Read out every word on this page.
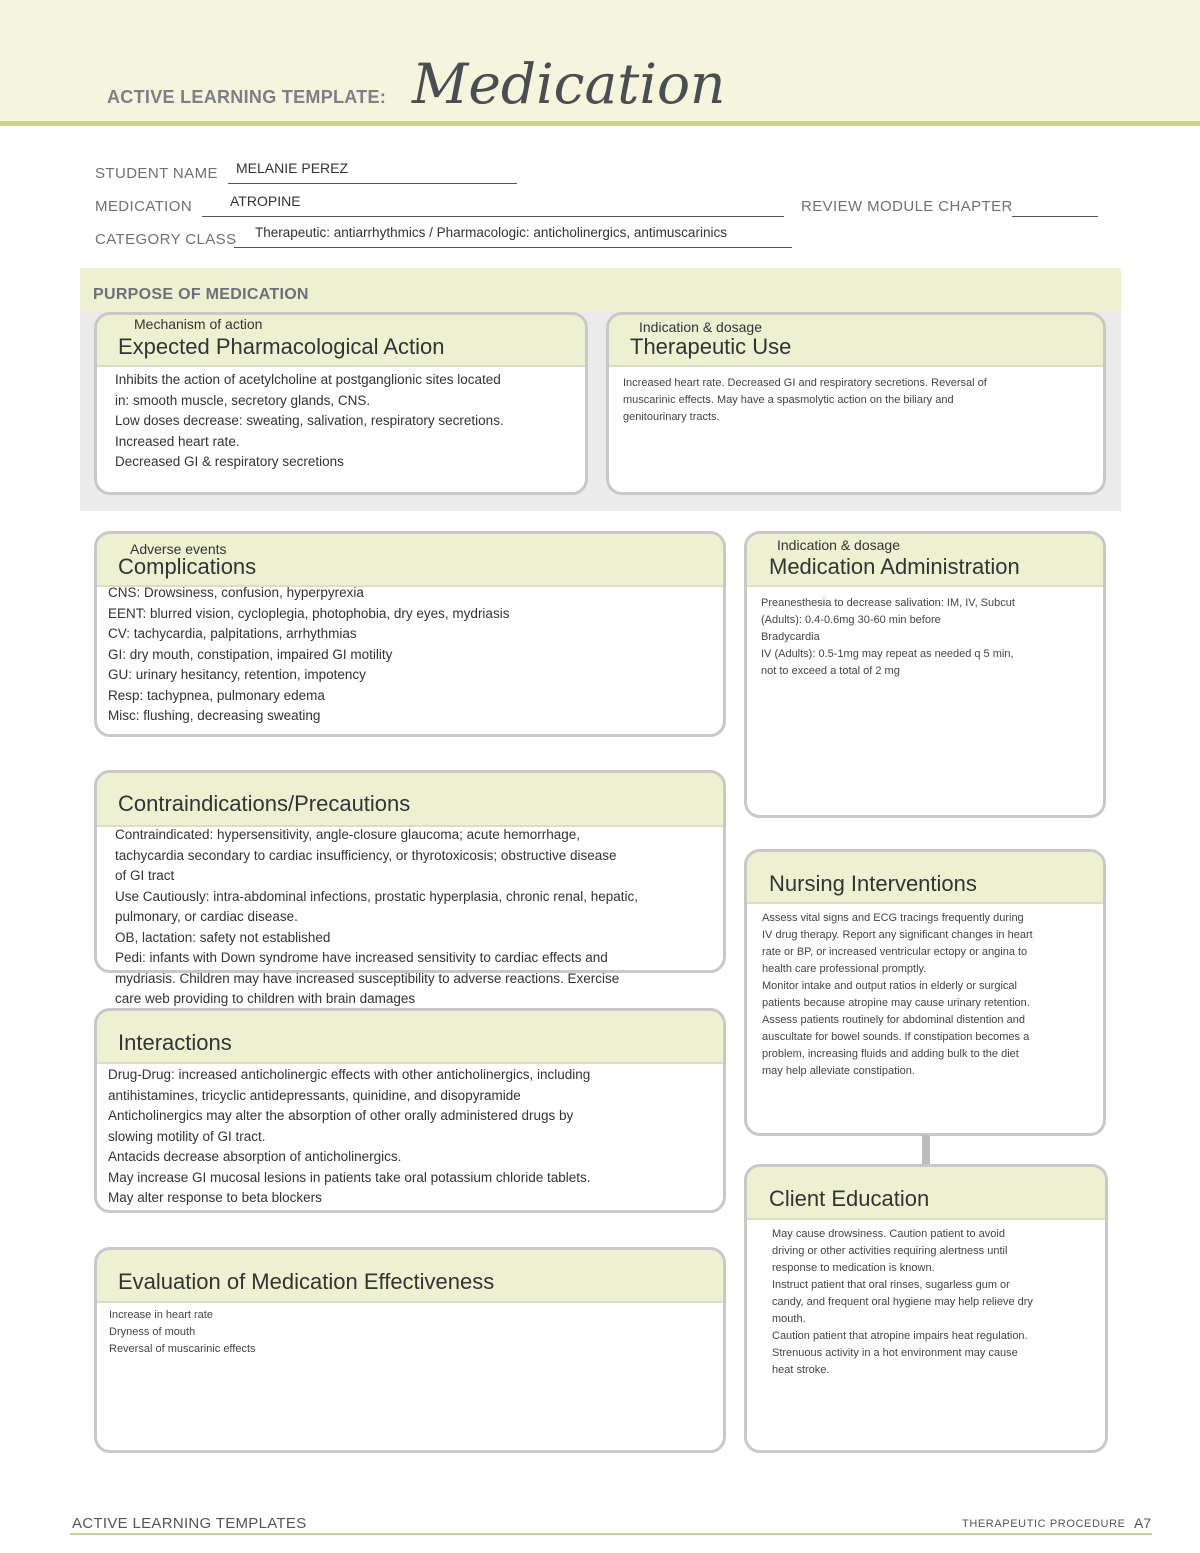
ACTIVE LEARNING TEMPLATE: Medication
STUDENT NAME MELANIE PEREZ
MEDICATION	ATROPINE	REVIEW MODULE CHAPTER
CATEGORY CLASS Therapeutic: antiarrhythmics / Pharmacologic: anticholinergics, antimuscarinics
PURPOSE OF MEDICATION
Mechanism of action
Expected Pharmacological Action
Inhibits the action of acetylcholine at postganglionic sites located
in: smooth muscle, secretory glands, CNS.
Low doses decrease: sweating, salivation, respiratory secretions.
Increased heart rate.
Decreased GI & respiratory secretions
Indication & dosage
Therapeutic Use
Increased heart rate. Decreased GI and respiratory secretions. Reversal of
muscarinic effects. May have a spasmolytic action on the biliary and
genitourinary tracts.
Adverse events
Complications
CNS: Drowsiness, confusion, hyperpyrexia
EENT: blurred vision, cycloplegia, photophobia, dry eyes, mydriasis
CV: tachycardia, palpitations, arrhythmias
GI: dry mouth, constipation, impaired GI motility
GU: urinary hesitancy, retention, impotency
Resp: tachypnea, pulmonary edema
Misc: flushing, decreasing sweating
Indication & dosage
Medication Administration
Preanesthesia to decrease salivation: IM, IV, Subcut
(Adults): 0.4-0.6mg 30-60 min before
Bradycardia
IV (Adults): 0.5-1mg may repeat as needed q 5 min,
not to exceed a total of 2 mg
Contraindications/Precautions
Contraindicated: hypersensitivity, angle-closure glaucoma; acute hemorrhage,
tachycardia secondary to cardiac insufficiency, or thyrotoxicosis; obstructive disease
of GI tract
Use Cautiously: intra-abdominal infections, prostatic hyperplasia, chronic renal, hepatic,
pulmonary, or cardiac disease.
OB, lactation: safety not established
Pedi: infants with Down syndrome have increased sensitivity to cardiac effects and
mydriasis. Children may have increased susceptibility to adverse reactions. Exercise
care web providing to children with brain damages
Nursing Interventions
Assess vital signs and ECG tracings frequently during
IV drug therapy. Report any significant changes in heart
rate or BP, or increased ventricular ectopy or angina to
health care professional promptly.
Monitor intake and output ratios in elderly or surgical
patients because atropine may cause urinary retention.
Assess patients routinely for abdominal distention and
auscultate for bowel sounds. If constipation becomes a
problem, increasing fluids and adding bulk to the diet
may help alleviate constipation.
Interactions
Drug-Drug: increased anticholinergic effects with other anticholinergics, including
antihistamines, tricyclic antidepressants, quinidine, and disopyramide
Anticholinergics may alter the absorption of other orally administered drugs by
slowing motility of GI tract.
Antacids decrease absorption of anticholinergics.
May increase GI mucosal lesions in patients take oral potassium chloride tablets.
May alter response to beta blockers	Client Education
May cause drowsiness. Caution patient to avoid
driving or other activities requiring alertness until
response to medication is known.
Instruct patient that oral rinses, sugarless gum or
candy, and frequent oral hygiene may help relieve dry
mouth.
Caution patient that atropine impairs heat regulation.
Strenuous activity in a hot environment may cause
heat stroke.
Evaluation of Medication Effectiveness
Increase in heart rate
Dryness of mouth
Reversal of muscarinic effects
ACTIVE LEARNING TEMPLATES	THERAPEUTIC PROCEDURE A7
